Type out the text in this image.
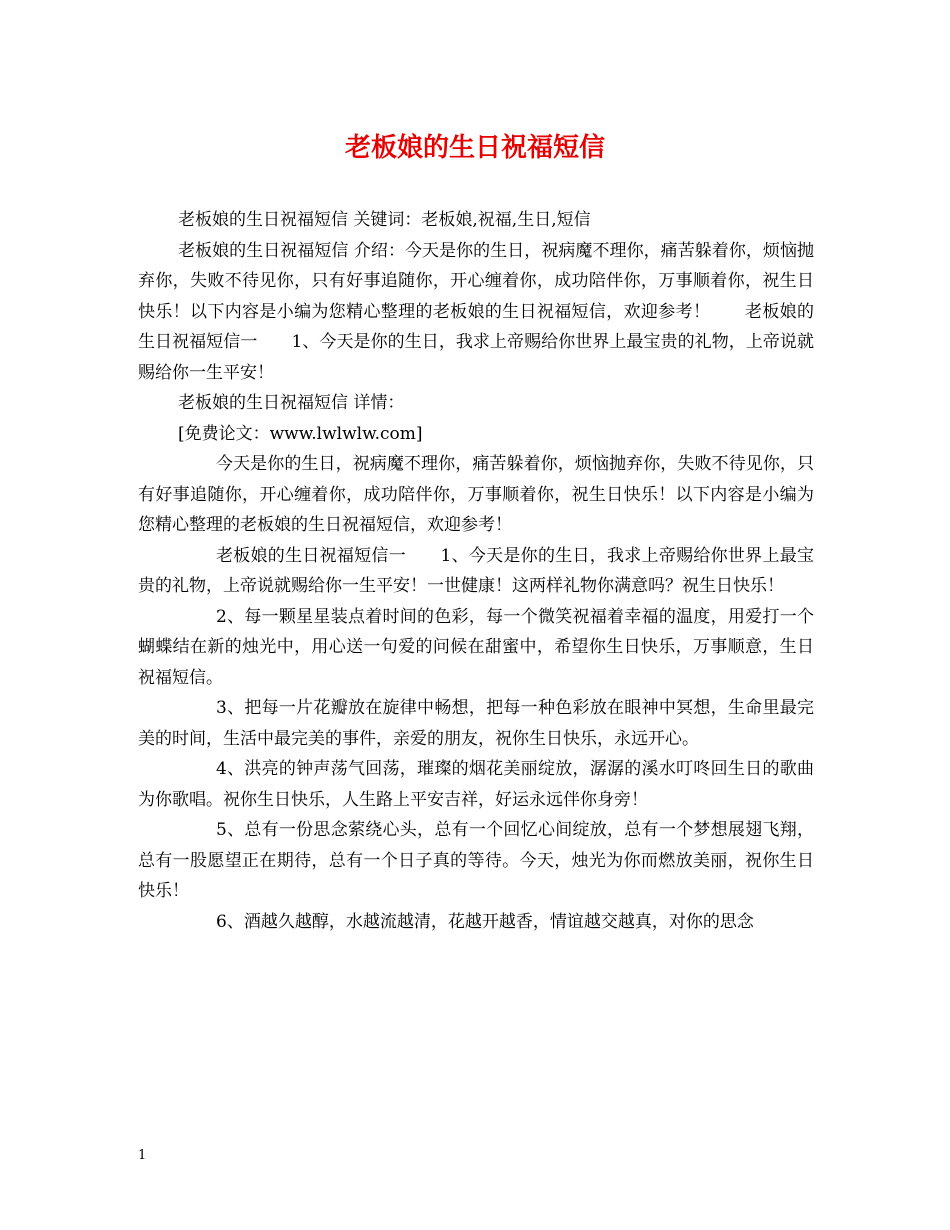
老板娘的生日祝福短信

老板娘的生日祝福短信 关键词：老板娘,祝福,生日,短信

老板娘的生日祝福短信 介绍：今天是你的生日，祝病魔不理你，痛苦躲着你，烦恼抛弃你，失败不待见你，只有好事追随你，开心缠着你，成功陪伴你，万事顺着你，祝生日快乐！以下内容是小编为您精心整理的老板娘的生日祝福短信，欢迎参考！　　老板娘的生日祝福短信一　　1、今天是你的生日，我求上帝赐给你世界上最宝贵的礼物，上帝说就赐给你一生平安！

老板娘的生日祝福短信 详情：

[免费论文：www.lwlwlw.com]

今天是你的生日，祝病魔不理你，痛苦躲着你，烦恼抛弃你，失败不待见你，只有好事追随你，开心缠着你，成功陪伴你，万事顺着你，祝生日快乐！以下内容是小编为您精心整理的老板娘的生日祝福短信，欢迎参考！

老板娘的生日祝福短信一　　1、今天是你的生日，我求上帝赐给你世界上最宝贵的礼物，上帝说就赐给你一生平安！一世健康！这两样礼物你满意吗？祝生日快乐！

2、每一颗星星装点着时间的色彩，每一个微笑祝福着幸福的温度，用爱打一个蝴蝶结在新的烛光中，用心送一句爱的问候在甜蜜中，希望你生日快乐，万事顺意，生日祝福短信。

3、把每一片花瓣放在旋律中畅想，把每一种色彩放在眼神中冥想，生命里最完美的时间，生活中最完美的事件，亲爱的朋友，祝你生日快乐，永远开心。

4、洪亮的钟声荡气回荡，璀璨的烟花美丽绽放，潺潺的溪水叮咚回生日的歌曲为你歌唱。祝你生日快乐，人生路上平安吉祥，好运永远伴你身旁！

5、总有一份思念萦绕心头，总有一个回忆心间绽放，总有一个梦想展翅飞翔，总有一股愿望正在期待，总有一个日子真的等待。今天，烛光为你而燃放美丽，祝你生日快乐！

6、酒越久越醇，水越流越清，花越开越香，情谊越交越真，对你的思念

1
